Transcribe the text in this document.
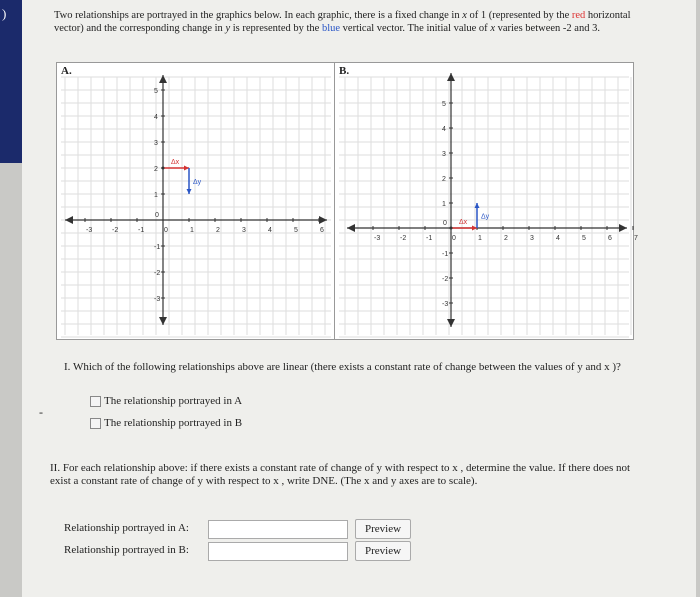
)	Two relationships are portrayed in the graphics below. In each graphic, there is a fixed change in x of 1 (represented by the red horizontal vector) and the corresponding change in y is represented by the blue vertical vector. The initial value of x varies between -2 and 3.
A.
-3	-2	-1	0	1	2	3	4	5	6
5
4
3
2
1
-1
-2
-3
0
Δx
Δy
B.
-3	-2	-1	0	1	2	3	4	5	6	7
5
4
3
2
1
-1
-2
-3
0 Δx
Δy
I. Which of the following relationships above are linear (there exists a constant rate of change between the values of y and x )?
-
The relationship portrayed in A
The relationship portrayed in B
II. For each relationship above: if there exists a constant rate of change of y with respect to x , determine the value. If there does not exist a constant rate of change of y with respect to x , write DNE. (The x and y axes are to scale).
Relationship portrayed in A:	Preview
Relationship portrayed in B:	Preview
